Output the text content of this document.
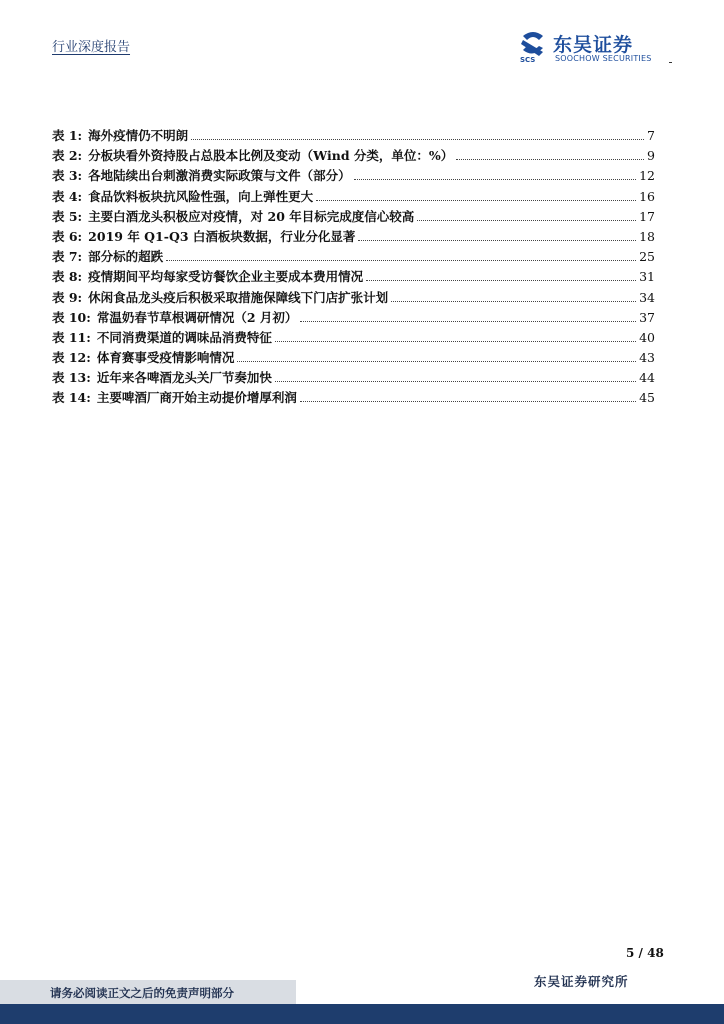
行业深度报告
SCS
东吴证券
SOOCHOW SECURITIES
表 1: 海外疫情仍不明朗	7
表 2: 分板块看外资持股占总股本比例及变动（Wind 分类，单位：%）	9
表 3: 各地陆续出台刺激消费实际政策与文件（部分）	12
表 4: 食品饮料板块抗风险性强，向上弹性更大	16
表 5: 主要白酒龙头积极应对疫情，对 20 年目标完成度信心较高	17
表 6: 2019 年 Q1-Q3 白酒板块数据，行业分化显著	18
表 7: 部分标的超跌	25
表 8: 疫情期间平均每家受访餐饮企业主要成本费用情况	31
表 9: 休闲食品龙头疫后积极采取措施保障线下门店扩张计划	34
表 10: 常温奶春节草根调研情况（2 月初）	37
表 11: 不同消费渠道的调味品消费特征	40
表 12: 体育赛事受疫情影响情况	43
表 13: 近年来各啤酒龙头关厂节奏加快	44
表 14: 主要啤酒厂商开始主动提价增厚利润	45
5 / 48
东吴证券研究所
请务必阅读正文之后的免责声明部分
